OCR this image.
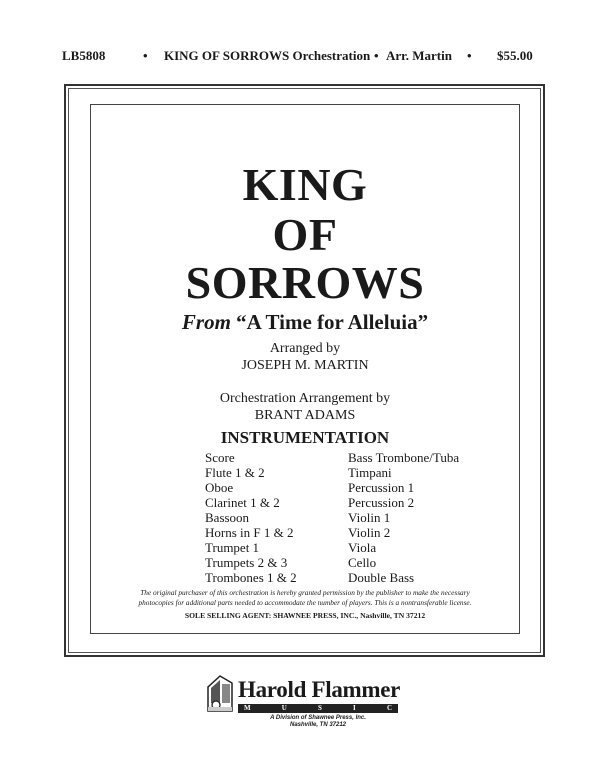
LB5808	• KING OF SORROWS Orchestration • Arr. Martin • $55.00
KING
OF
SORROWS
From “A Time for Alleluia”
Arranged by
JOSEPH M. MARTIN
Orchestration Arrangement by
BRANT ADAMS
INSTRUMENTATION
Score
Flute 1 & 2
Oboe
Clarinet 1 & 2
Bassoon
Horns in F 1 & 2
Trumpet 1
Trumpets 2 & 3
Trombones 1 & 2
Bass Trombone/Tuba
Timpani
Percussion 1
Percussion 2
Violin 1
Violin 2
Viola
Cello
Double Bass
The original purchaser of this orchestration is hereby granted permission by the publisher to make the necessary
photocopies for additional parts needed to accommodate the number of players. This is a nontransferable license.
SOLE SELLING AGENT: SHAWNEE PRESS, INC., Nashville, TN 37212
Harold Flammer
M	U	S	I	C
A Division of Shawnee Press, Inc.
Nashville, TN 37212
